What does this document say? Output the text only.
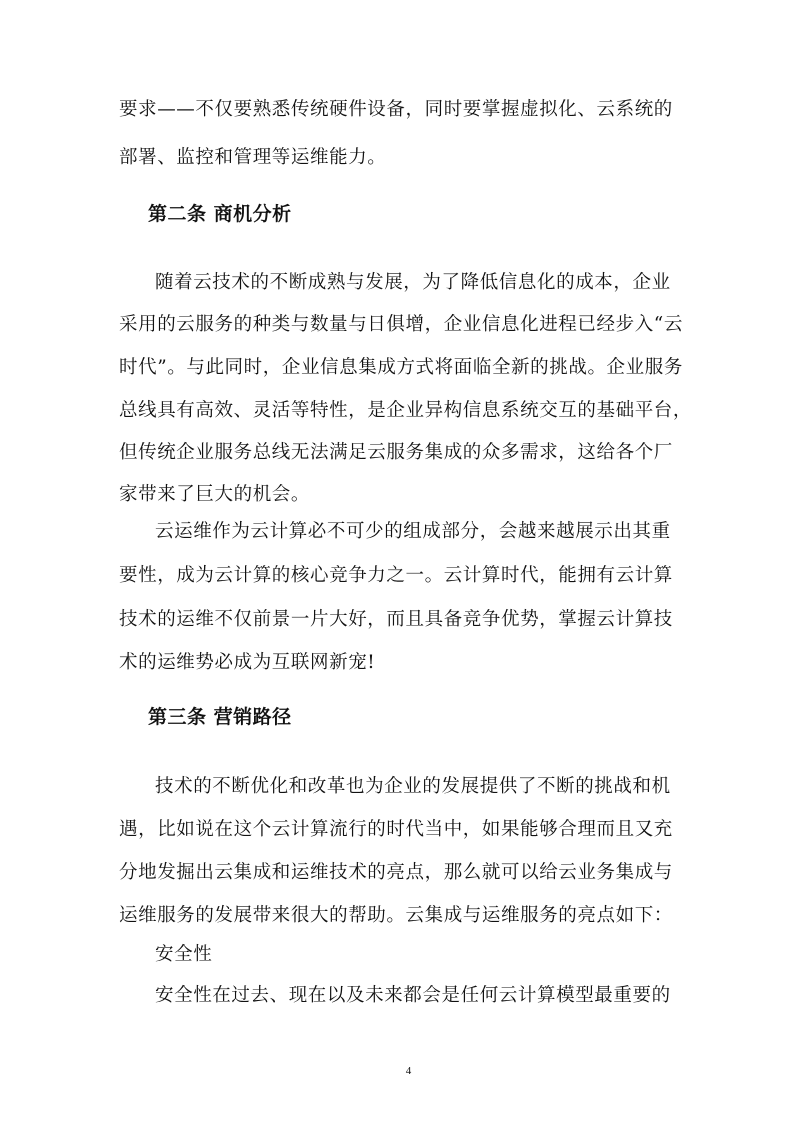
要求——不仅要熟悉传统硬件设备，同时要掌握虚拟化、云系统的
部署、监控和管理等运维能力。
第二条 商机分析
随着云技术的不断成熟与发展，为了降低信息化的成本，企业
采用的云服务的种类与数量与日俱增，企业信息化进程已经步入“云
时代”。与此同时，企业信息集成方式将面临全新的挑战。企业服务
总线具有高效、灵活等特性，是企业异构信息系统交互的基础平台，
但传统企业服务总线无法满足云服务集成的众多需求，这给各个厂
家带来了巨大的机会。
云运维作为云计算必不可少的组成部分，会越来越展示出其重
要性，成为云计算的核心竞争力之一。云计算时代，能拥有云计算
技术的运维不仅前景一片大好，而且具备竞争优势，掌握云计算技
术的运维势必成为互联网新宠!
第三条 营销路径
技术的不断优化和改革也为企业的发展提供了不断的挑战和机
遇，比如说在这个云计算流行的时代当中，如果能够合理而且又充
分地发掘出云集成和运维技术的亮点，那么就可以给云业务集成与
运维服务的发展带来很大的帮助。云集成与运维服务的亮点如下：
安全性
安全性在过去、现在以及未来都会是任何云计算模型最重要的
4
